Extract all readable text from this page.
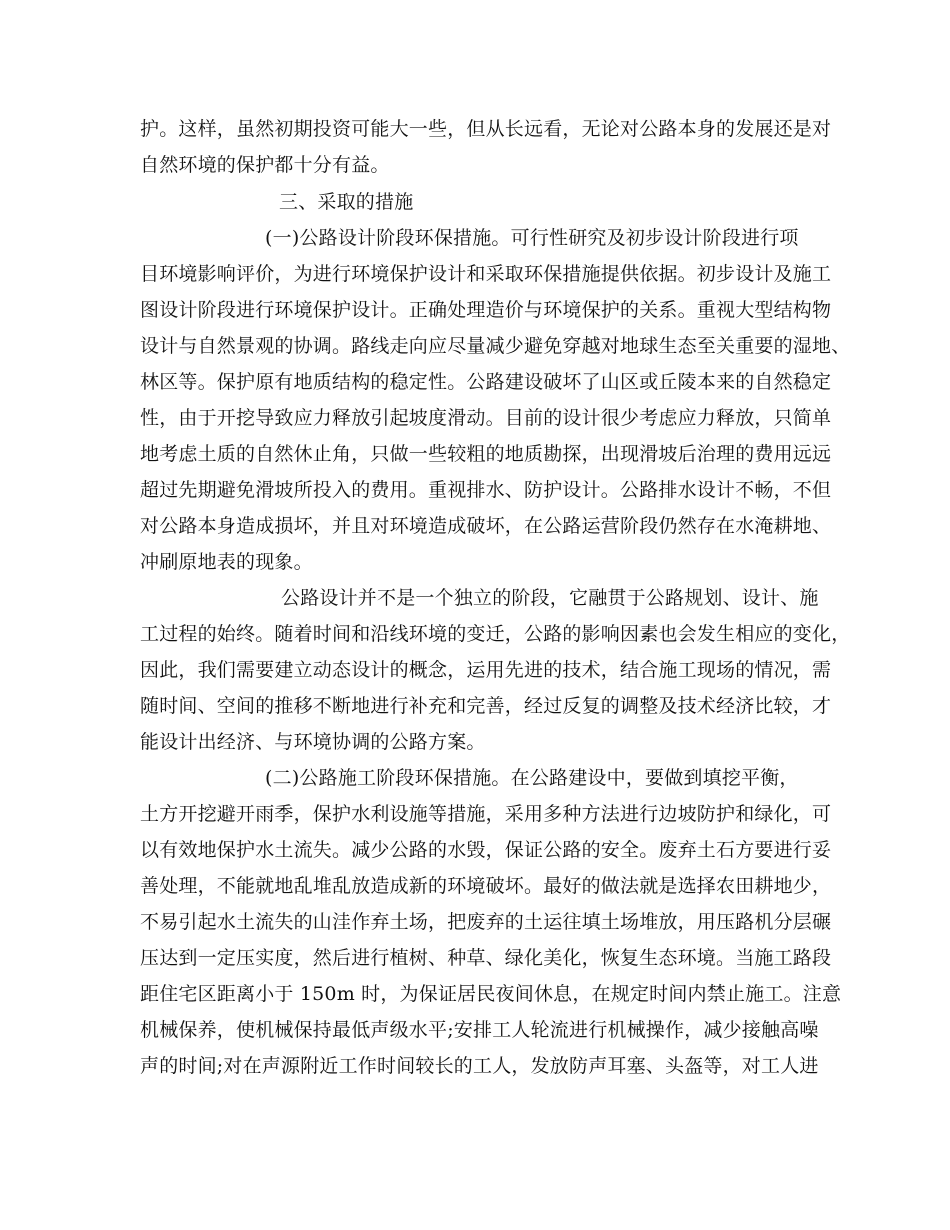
护。这样，虽然初期投资可能大一些，但从长远看，无论对公路本身的发展还是对
自然环境的保护都十分有益。
三、采取的措施
(一)公路设计阶段环保措施。可行性研究及初步设计阶段进行项
目环境影响评价，为进行环境保护设计和采取环保措施提供依据。初步设计及施工
图设计阶段进行环境保护设计。正确处理造价与环境保护的关系。重视大型结构物
设计与自然景观的协调。路线走向应尽量减少避免穿越对地球生态至关重要的湿地、
林区等。保护原有地质结构的稳定性。公路建设破坏了山区或丘陵本来的自然稳定
性，由于开挖导致应力释放引起坡度滑动。目前的设计很少考虑应力释放，只简单
地考虑土质的自然休止角，只做一些较粗的地质勘探，出现滑坡后治理的费用远远
超过先期避免滑坡所投入的费用。重视排水、防护设计。公路排水设计不畅，不但
对公路本身造成损坏，并且对环境造成破坏，在公路运营阶段仍然存在水淹耕地、
冲刷原地表的现象。
公路设计并不是一个独立的阶段，它融贯于公路规划、设计、施
工过程的始终。随着时间和沿线环境的变迁，公路的影响因素也会发生相应的变化，
因此，我们需要建立动态设计的概念，运用先进的技术，结合施工现场的情况，需
随时间、空间的推移不断地进行补充和完善，经过反复的调整及技术经济比较，才
能设计出经济、与环境协调的公路方案。
(二)公路施工阶段环保措施。在公路建设中，要做到填挖平衡，
土方开挖避开雨季，保护水利设施等措施，采用多种方法进行边坡防护和绿化，可
以有效地保护水土流失。减少公路的水毁，保证公路的安全。废弃土石方要进行妥
善处理，不能就地乱堆乱放造成新的环境破坏。最好的做法就是选择农田耕地少，
不易引起水土流失的山洼作弃土场，把废弃的土运往填土场堆放，用压路机分层碾
压达到一定压实度，然后进行植树、种草、绿化美化，恢复生态环境。当施工路段
距住宅区距离小于 150m 时，为保证居民夜间休息，在规定时间内禁止施工。注意
机械保养，使机械保持最低声级水平;安排工人轮流进行机械操作，减少接触高噪
声的时间;对在声源附近工作时间较长的工人，发放防声耳塞、头盔等，对工人进
